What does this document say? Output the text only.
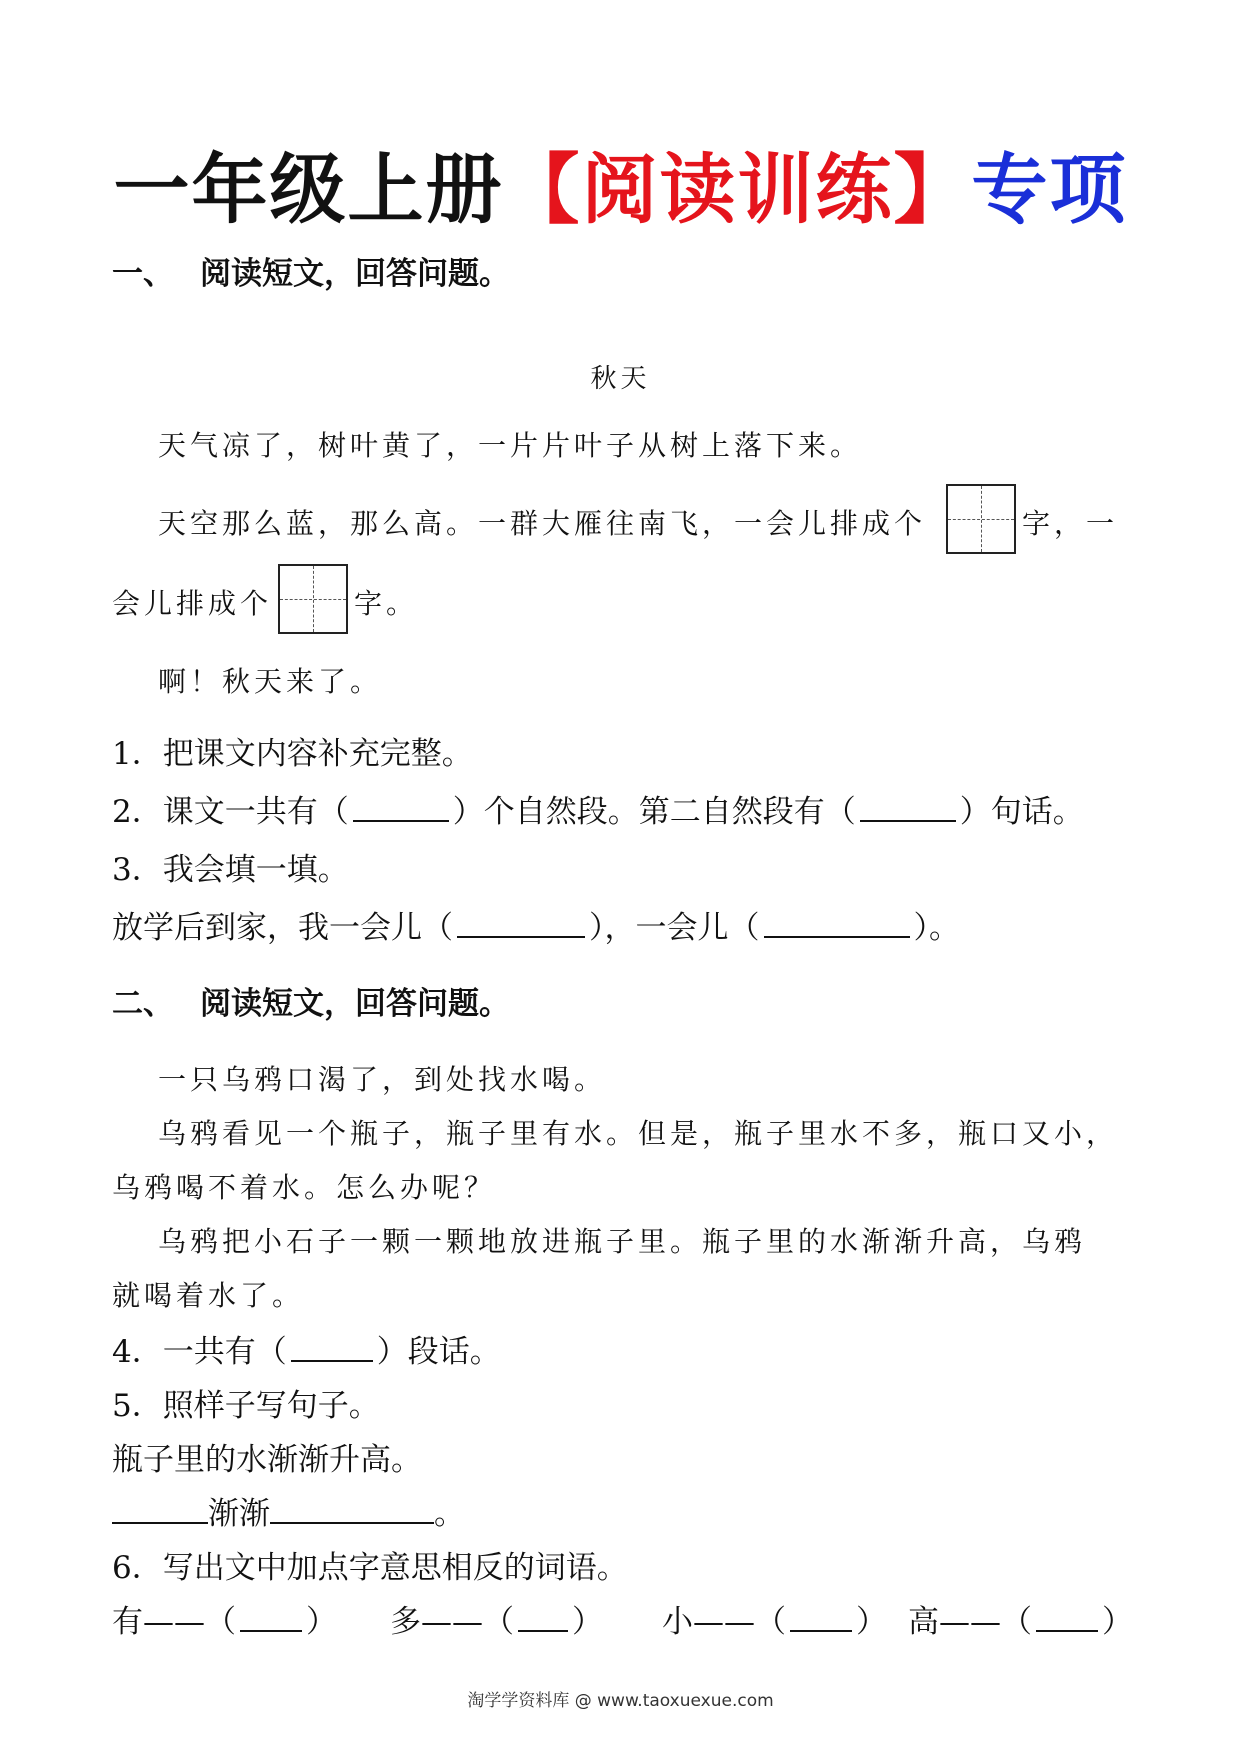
一年级上册【阅读训练】专项
一、 阅读短文，回答问题。
秋天
天气凉了，树叶黄了，一片片叶子从树上落下来。
天空那么蓝，那么高。一群大雁往南飞，一会儿排成个	字，一
会儿排成个	字。
啊！秋天来了。
1．把课文内容补充完整。
2．课文一共有（	）个自然段。第二自然段有（	）句话。
3．我会填一填。
放学后到家，我一会儿（	），一会儿（	）。
二、 阅读短文，回答问题。
一只乌鸦口渴了，到处找水喝。
乌鸦看见一个瓶子，瓶子里有水。但是，瓶子里水不多，瓶口又小，
乌鸦喝不着水。怎么办呢？
乌鸦把小石子一颗一颗地放进瓶子里。瓶子里的水渐渐升高，乌鸦
就喝着水了。
4．一共有（	）段话。
5．照样子写句子。
瓶子里的水渐渐升高。
渐渐	。
6．写出文中加点字意思相反的词语。
有——（ ） 多——（ ） 小——（ ） 高——（ ）
淘学学资料库 @ www.taoxuexue.com
